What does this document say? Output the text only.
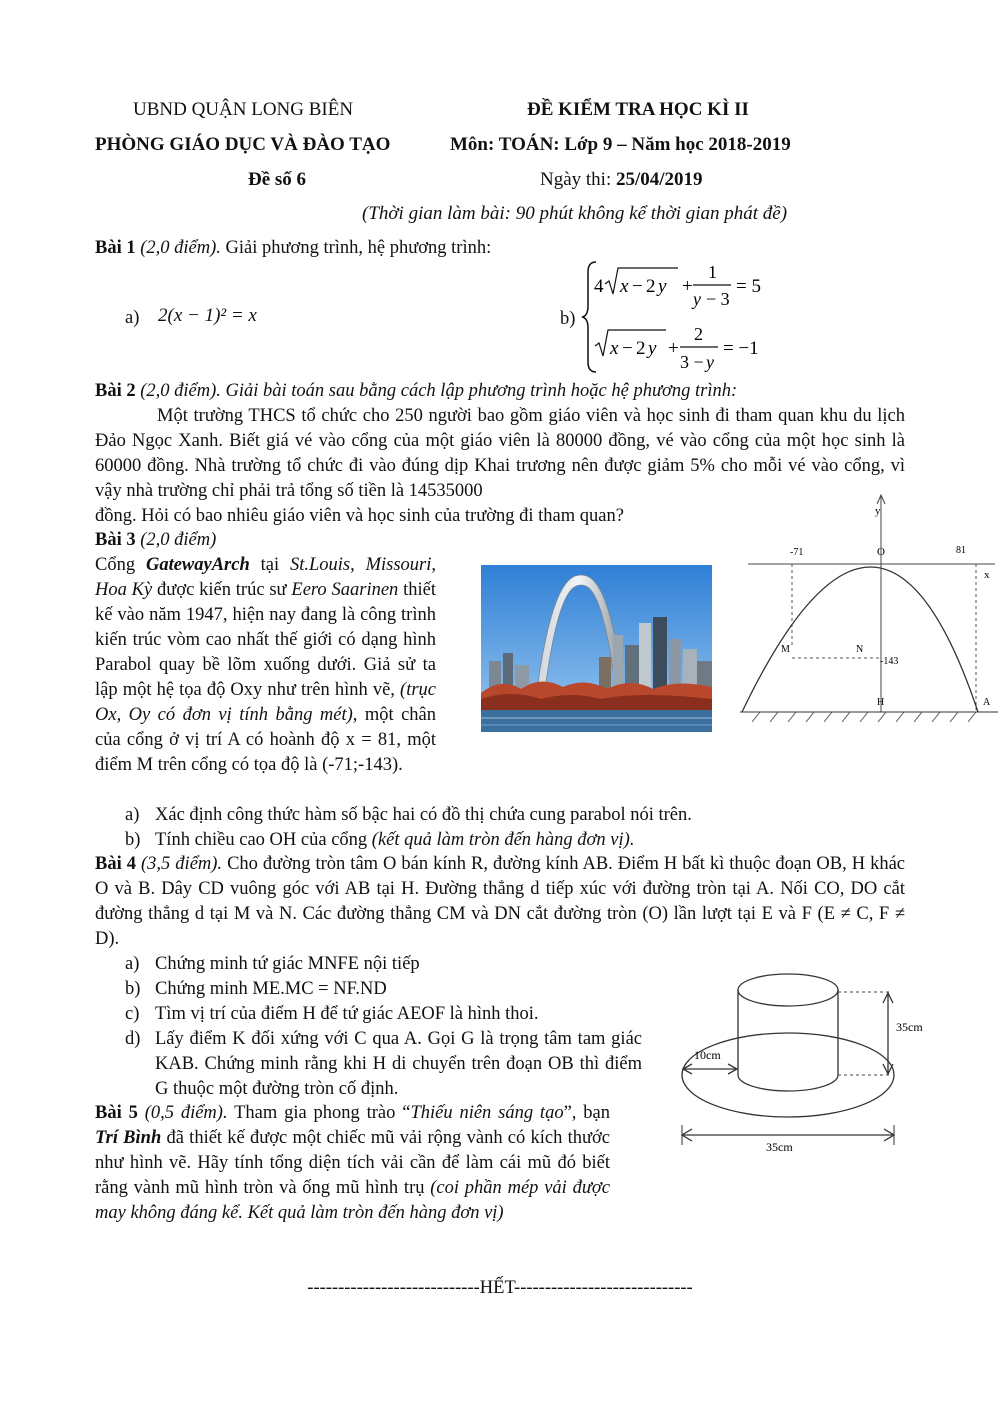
UBND QUẬN LONG BIÊN
PHÒNG GIÁO DỤC VÀ ĐÀO TẠO
Đề số 6
ĐỀ KIỂM TRA HỌC KÌ II
Môn: TOÁN: Lớp 9 – Năm học 2018-2019
Ngày thi: 25/04/2019
(Thời gian làm bài: 90 phút không kể thời gian phát đề)
Bài 1 (2,0 điểm). Giải phương trình, hệ phương trình:
a) 2(x − 1)² = x	b)
4 x − 2 y +
1
y − 3
= 5
x − 2 y +
2
3 − y
= −1
Bài 2 (2,0 điểm). Giải bài toán sau bằng cách lập phương trình hoặc hệ phương trình:
Một trường THCS tổ chức cho 250 người bao gồm giáo viên và học sinh đi tham quan khu du lịch Đảo Ngọc Xanh. Biết giá vé vào cổng của một giáo viên là 80000 đồng, vé vào cổng của một học sinh là 60000 đồng. Nhà trường tổ chức đi vào đúng dịp Khai trương nên được giảm 5% cho mỗi vé vào cổng, vì vậy nhà trường chỉ phải trả tổng số tiền là 14535000
đồng. Hỏi có bao nhiêu giáo viên và học sinh của trường đi tham quan?
Bài 3 (2,0 điểm)
Cổng GatewayArch tại St.Louis, Missouri, Hoa Kỳ được kiến trúc sư Eero Saarinen thiết kế vào năm 1947, hiện nay đang là công trình kiến trúc vòm cao nhất thế giới có dạng hình Parabol quay bề lõm xuống dưới. Giả sử ta lập một hệ tọa độ Oxy như trên hình vẽ, (trục Ox, Oy có đơn vị tính bằng mét), một chân của cổng ở vị trí A có hoành độ x = 81, một điểm M trên cổng có tọa độ là (-71;-143).
y
x
O
-71	81
M	N
-143
H	A
a) Xác định công thức hàm số bậc hai có đồ thị chứa cung parabol nói trên.
b) Tính chiều cao OH của cổng (kết quả làm tròn đến hàng đơn vị).
Bài 4 (3,5 điểm). Cho đường tròn tâm O bán kính R, đường kính AB. Điểm H bất kì thuộc đoạn OB, H khác O và B. Dây CD vuông góc với AB tại H. Đường thẳng d tiếp xúc với đường tròn tại A. Nối CO, DO cắt đường thẳng d tại M và N. Các đường thẳng CM và DN cắt đường tròn (O) lần lượt tại E và F (E ≠ C, F ≠ D).
a) Chứng minh tứ giác MNFE nội tiếp
b) Chứng minh ME.MC = NF.ND
c) Tìm vị trí của điểm H để tứ giác AEOF là hình thoi.
d) Lấy điểm K đối xứng với C qua A. Gọi G là trọng tâm tam giác KAB. Chứng minh rằng khi H di chuyển trên đoạn OB thì điểm G thuộc một đường tròn cố định.
35cm
10cm
35cm
Bài 5 (0,5 điểm). Tham gia phong trào “Thiếu niên sáng tạo”, bạn Trí Bình đã thiết kế được một chiếc mũ vải rộng vành có kích thước như hình vẽ. Hãy tính tổng diện tích vải cần để làm cái mũ đó biết rằng vành mũ hình tròn và ống mũ hình trụ (coi phần mép vải được may không đáng kể. Kết quả làm tròn đến hàng đơn vị)
----------------------------HẾT-----------------------------
